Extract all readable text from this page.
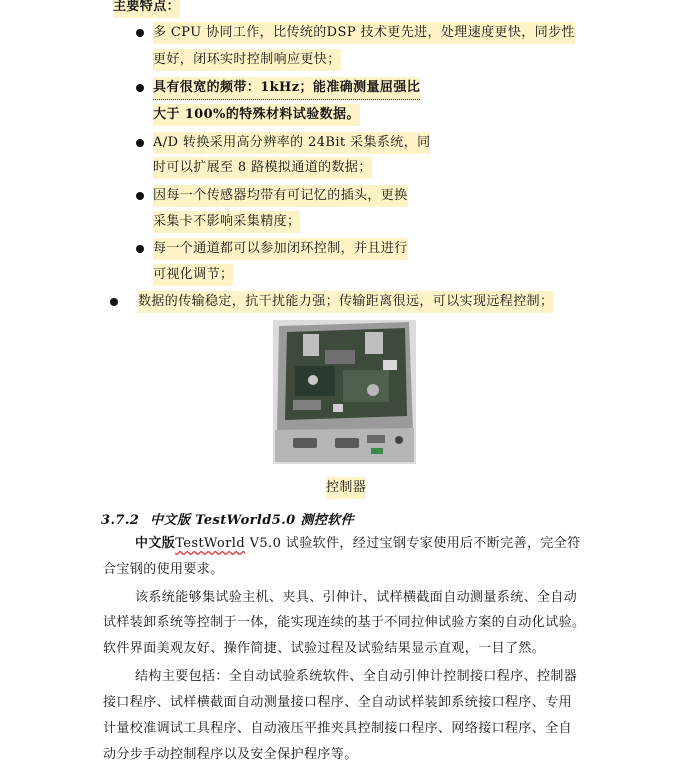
主要特点：
多 CPU 协同工作，比传统的DSP 技术更先进，处理速度更快，同步性
更好，闭环实时控制响应更快；
具有很宽的频带：1kHz；能准确测量屈强比
大于 100%的特殊材料试验数据。
A/D 转换采用高分辨率的 24Bit 采集系统，同
时可以扩展至 8 路模拟通道的数据；
因每一个传感器均带有可记忆的插头，更换
采集卡不影响采集精度；
每一个通道都可以参加闭环控制，并且进行
可视化调节；
数据的传输稳定，抗干扰能力强；传输距离很远，可以实现远程控制；
控制器
3.7.2 中文版 TestWorld5.0 测控软件
中文版TestWorld V5.0 试验软件，经过宝钢专家使用后不断完善，完全符
合宝钢的使用要求。
该系统能够集试验主机、夹具、引伸计、试样横截面自动测量系统、全自动
试样装卸系统等控制于一体，能实现连续的基于不同拉伸试验方案的自动化试验。
软件界面美观友好、操作简捷、试验过程及试验结果显示直观，一目了然。
结构主要包括：全自动试验系统软件、全自动引伸计控制接口程序、控制器
接口程序、试样横截面自动测量接口程序、全自动试样装卸系统接口程序、专用
计量校准调试工具程序、自动液压平推夹具控制接口程序、网络接口程序、全自
动分步手动控制程序以及安全保护程序等。
